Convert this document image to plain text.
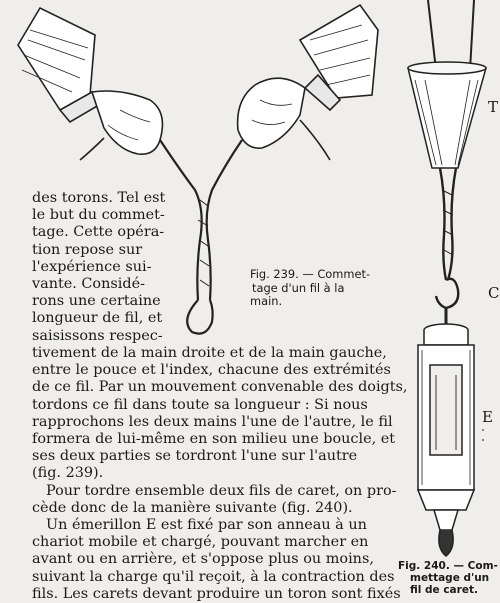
T
C
E
Fig. 239. — Commet-
tage d'un fil à la
main.
Fig. 240. — Com-
mettage d'un
fil de caret.
des torons. Tel est
le but du commet-
tage. Cette opéra-
tion repose sur
l'expérience sui-
vante. Considé-
rons une certaine
longueur de fil, et
saisissons respec-
tivement de la main droite et de la main gauche,
entre le pouce et l'index, chacune des extrémités
de ce fil. Par un mouvement convenable des doigts,
tordons ce fil dans toute sa longueur : Si nous
rapprochons les deux mains l'une de l'autre, le fil
formera de lui-même en son milieu une boucle, et
ses deux parties se tordront l'une sur l'autre
(fig. 239).
Pour tordre ensemble deux fils de caret, on pro-
cède donc de la manière suivante (fig. 240).
Un émerillon E est fixé par son anneau à un
chariot mobile et chargé, pouvant marcher en
avant ou en arrière, et s'oppose plus ou moins,
suivant la charge qu'il reçoit, à la contraction des
fils. Les carets devant produire un toron sont fixés
